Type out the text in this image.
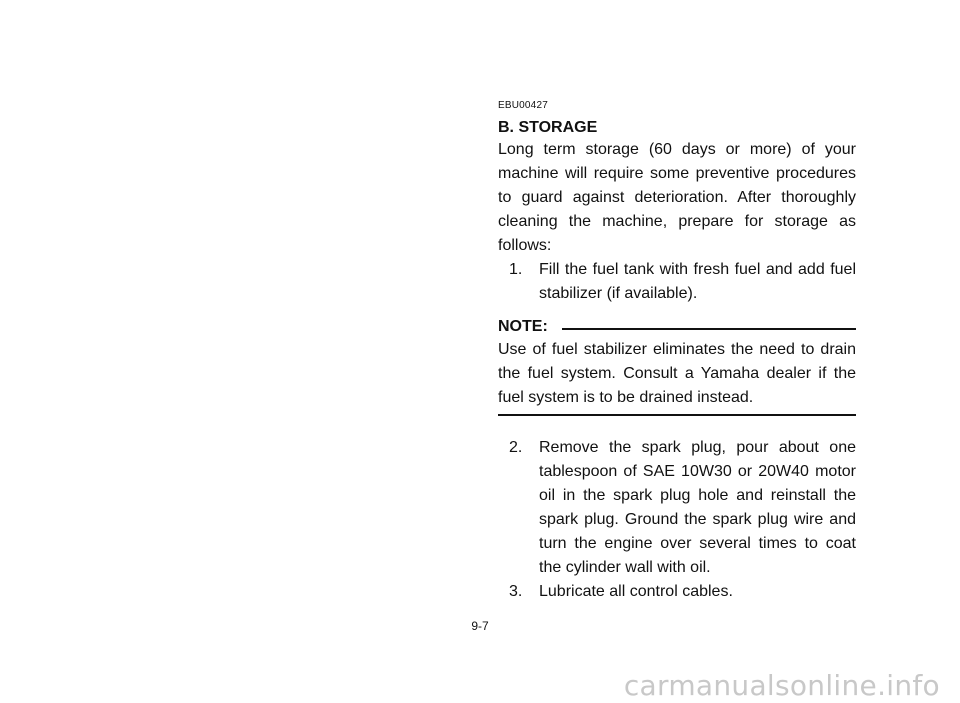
EBU00427
B. STORAGE

Long term storage (60 days or more) of your machine will require some preventive procedures to guard against deterioration. After thoroughly cleaning the machine, prepare for storage as follows:

1. Fill the fuel tank with fresh fuel and add fuel stabilizer (if available).
NOTE:

Use of fuel stabilizer eliminates the need to drain the fuel system. Consult a Yamaha dealer if the fuel system is to be drained instead.

2. Remove the spark plug, pour about one tablespoon of SAE 10W30 or 20W40 motor oil in the spark plug hole and reinstall the spark plug. Ground the spark plug wire and turn the engine over several times to coat the cylinder wall with oil.
3. Lubricate all control cables.
9-7
carmanualsonline.info
